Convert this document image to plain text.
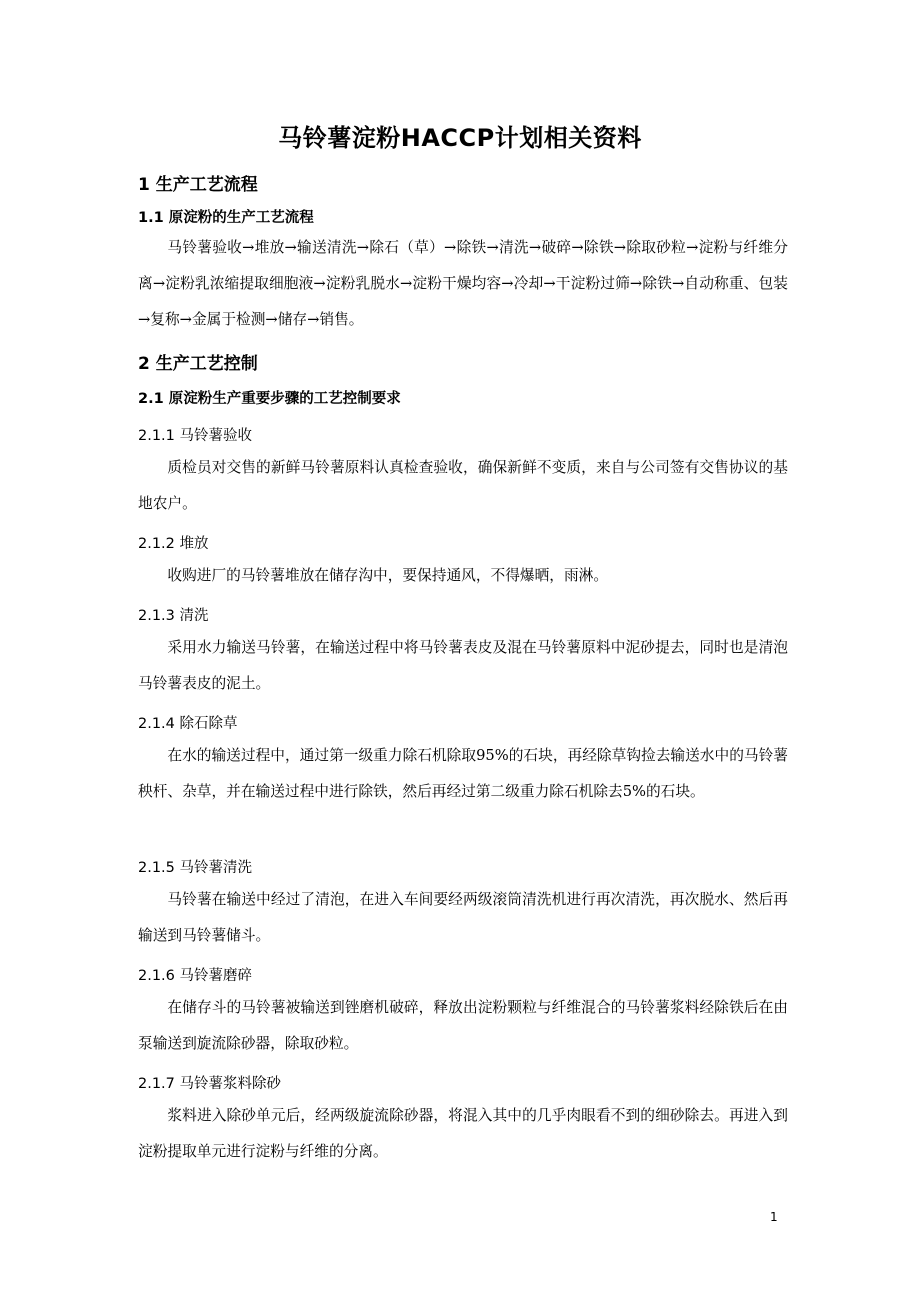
马铃薯淀粉HACCP计划相关资料
1 生产工艺流程
1.1 原淀粉的生产工艺流程

马铃薯验收→堆放→输送清洗→除石（草）→除铁→清洗→破碎→除铁→除取砂粒→淀粉与纤维分离→淀粉乳浓缩提取细胞液→淀粉乳脱水→淀粉干燥均容→冷却→干淀粉过筛→除铁→自动称重、包装→复称→金属于检测→储存→销售。

2 生产工艺控制
2.1 原淀粉生产重要步骤的工艺控制要求
2.1.1 马铃薯验收

质检员对交售的新鲜马铃薯原料认真检查验收，确保新鲜不变质，来自与公司签有交售协议的基地农户。

2.1.2 堆放

收购进厂的马铃薯堆放在储存沟中，要保持通风，不得爆晒，雨淋。

2.1.3 清洗

采用水力输送马铃薯，在输送过程中将马铃薯表皮及混在马铃薯原料中泥砂提去，同时也是清泡马铃薯表皮的泥土。

2.1.4 除石除草

在水的输送过程中，通过第一级重力除石机除取95%的石块，再经除草钩捡去输送水中的马铃薯秧杆、杂草，并在输送过程中进行除铁，然后再经过第二级重力除石机除去5%的石块。

2.1.5 马铃薯清洗

马铃薯在输送中经过了清泡，在进入车间要经两级滚筒清洗机进行再次清洗，再次脱水、然后再输送到马铃薯储斗。

2.1.6 马铃薯磨碎

在储存斗的马铃薯被输送到锉磨机破碎，释放出淀粉颗粒与纤维混合的马铃薯浆料经除铁后在由泵输送到旋流除砂器，除取砂粒。

2.1.7 马铃薯浆料除砂

浆料进入除砂单元后，经两级旋流除砂器，将混入其中的几乎肉眼看不到的细砂除去。再进入到淀粉提取单元进行淀粉与纤维的分离。

1
